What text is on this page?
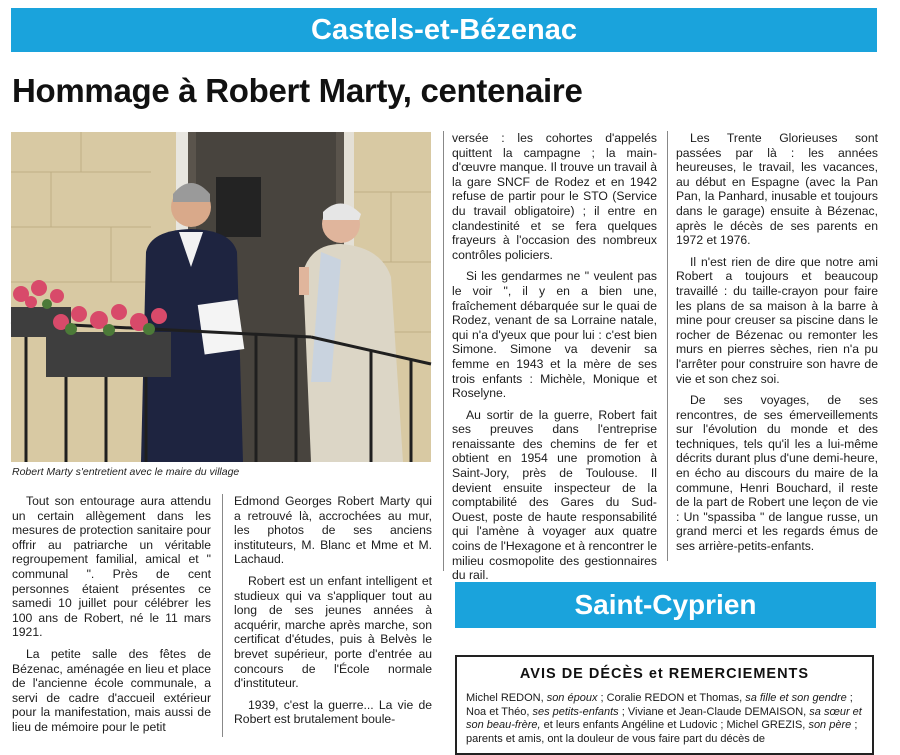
Castels-et-Bézenac
Hommage à Robert Marty, centenaire
Robert Marty s'entretient avec le maire du village

Tout son entourage aura attendu un certain allègement dans les mesures de protection sanitaire pour offrir au patriarche un véritable regroupement familial, amical et " communal ". Près de cent personnes étaient présentes ce samedi 10 juillet pour célébrer les 100 ans de Robert, né le 11 mars 1921.

La petite salle des fêtes de Bézenac, aménagée en lieu et place de l'ancienne école communale, a servi de cadre d'accueil extérieur pour la manifestation, mais aussi de lieu de mémoire pour le petit

Edmond Georges Robert Marty qui a retrouvé là, accrochées au mur, les photos de ses anciens instituteurs, M. Blanc et Mme et M. Lachaud.

Robert est un enfant intelligent et studieux qui va s'appliquer tout au long de ses jeunes années à acquérir, marche après marche, son certificat d'études, puis à Belvès le brevet supérieur, porte d'entrée au concours de l'École normale d'instituteur.

1939, c'est la guerre... La vie de Robert est brutalement boule-

versée : les cohortes d'appelés quittent la campagne ; la main-d'œuvre manque. Il trouve un travail à la gare SNCF de Rodez et en 1942 refuse de partir pour le STO (Service du travail obligatoire) ; il entre en clandestinité et se fera quelques frayeurs à l'occasion des nombreux contrôles policiers.

Si les gendarmes ne " veulent pas le voir ", il y en a bien une, fraîchement débarquée sur le quai de Rodez, venant de sa Lorraine natale, qui n'a d'yeux que pour lui : c'est bien Simone. Simone va devenir sa femme en 1943 et la mère de ses trois enfants : Michèle, Monique et Roselyne.

Au sortir de la guerre, Robert fait ses preuves dans l'entreprise renaissante des chemins de fer et obtient en 1954 une promotion à Saint-Jory, près de Toulouse. Il devient ensuite inspecteur de la comptabilité des Gares du Sud-Ouest, poste de haute responsabilité qui l'amène à voyager aux quatre coins de l'Hexagone et à rencontrer le milieu cosmopolite des gestionnaires du rail.

Les Trente Glorieuses sont passées par là : les années heureuses, le travail, les vacances, au début en Espagne (avec la Pan Pan, la Panhard, inusable et toujours dans le garage) ensuite à Bézenac, après le décès de ses parents en 1972 et 1976.

Il n'est rien de dire que notre ami Robert a toujours et beaucoup travaillé : du taille-crayon pour faire les plans de sa maison à la barre à mine pour creuser sa piscine dans le rocher de Bézenac ou remonter les murs en pierres sèches, rien n'a pu l'arrêter pour construire son havre de vie et son chez soi.

De ses voyages, de ses rencontres, de ses émerveillements sur l'évolution du monde et des techniques, tels qu'il les a lui-même décrits durant plus d'une demi-heure, en écho au discours du maire de la commune, Henri Bouchard, il reste de la part de Robert une leçon de vie : Un "spassiba " de langue russe, un grand merci et les regards émus de ses arrière-petits-enfants.

Saint-Cyprien
AVIS DE DÉCÈS et REMERCIEMENTS
Michel REDON, son époux ; Coralie REDON et Thomas, sa fille et son gendre ; Noa et Théo, ses petits-enfants ; Viviane et Jean-Claude DEMAISON, sa sœur et son beau-frère, et leurs enfants Angéline et Ludovic ; Michel GREZIS, son père ; parents et amis, ont la douleur de vous faire part du décès de
